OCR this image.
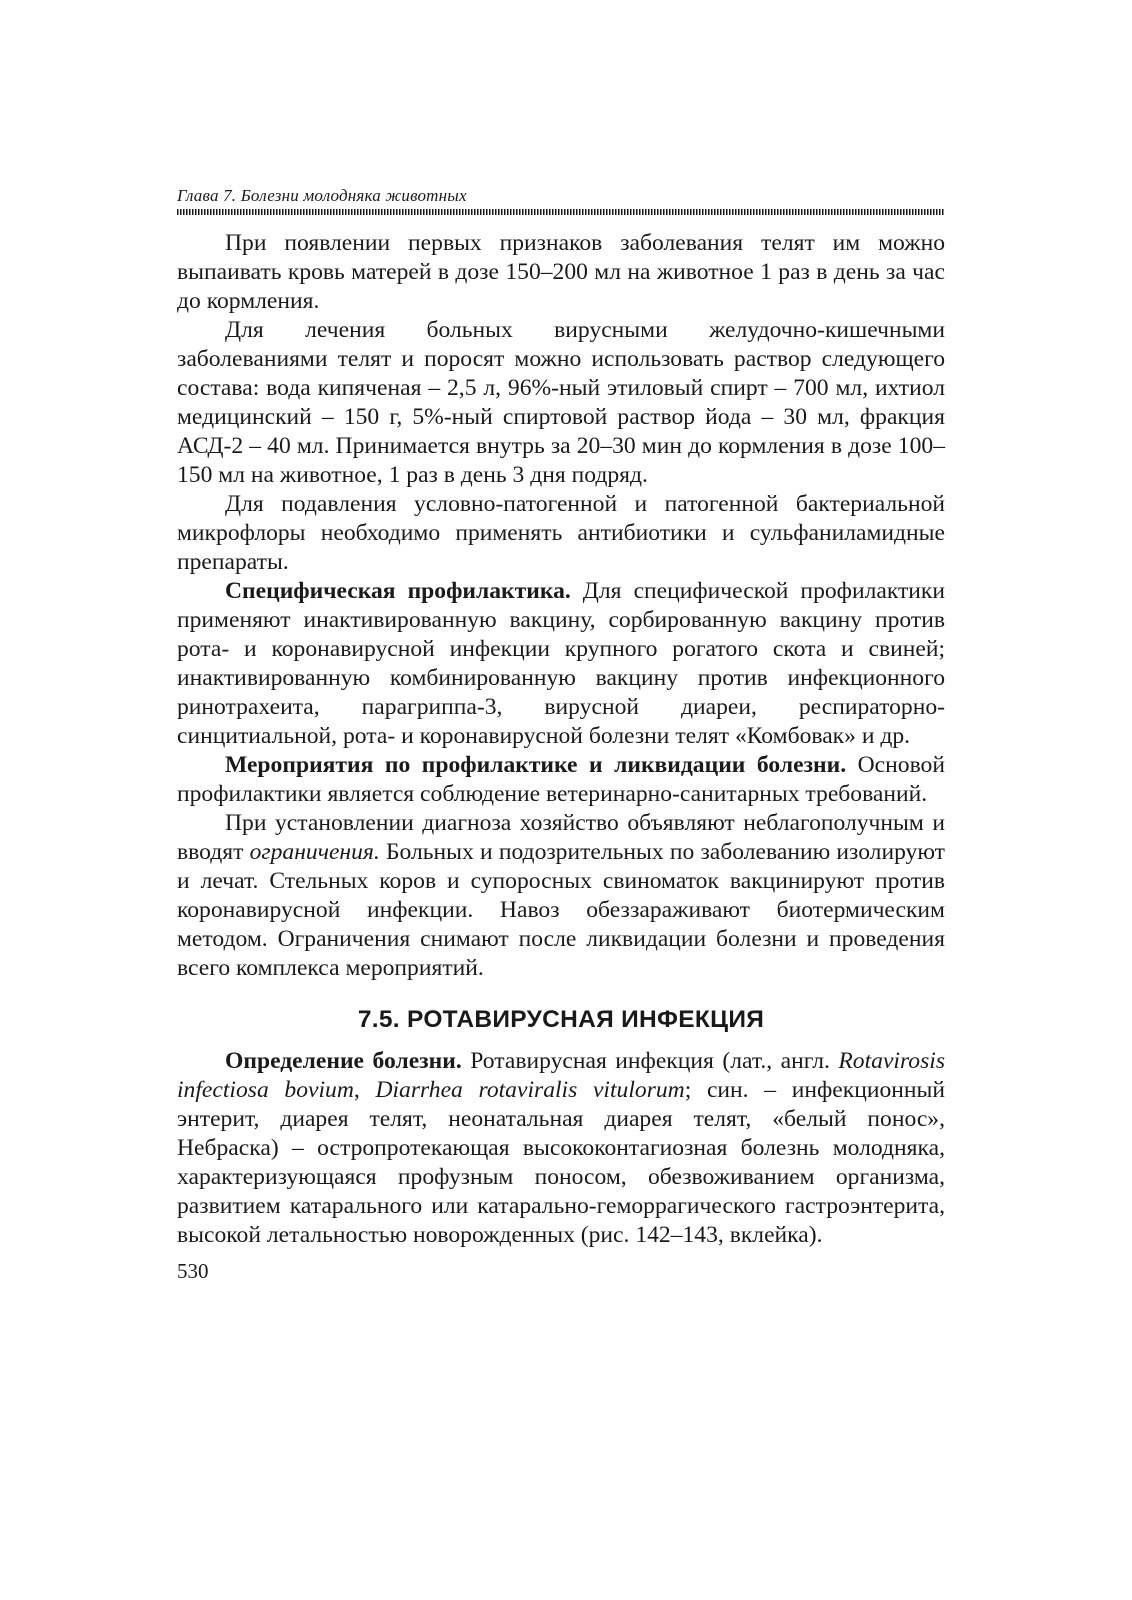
Глава 7. Болезни молодняка животных

При появлении первых признаков заболевания телят им можно выпаивать кровь матерей в дозе 150–200 мл на животное 1 раз в день за час до кормления.

Для лечения больных вирусными желудочно-кишечными заболеваниями телят и поросят можно использовать раствор следующего состава: вода кипяченая – 2,5 л, 96%-ный этиловый спирт – 700 мл, ихтиол медицинский – 150 г, 5%-ный спиртовой раствор йода – 30 мл, фракция АСД-2 – 40 мл. Принимается внутрь за 20–30 мин до кормления в дозе 100–150 мл на животное, 1 раз в день 3 дня подряд.

Для подавления условно-патогенной и патогенной бактериальной микрофлоры необходимо применять антибиотики и сульфаниламидные препараты.

Специфическая профилактика. Для специфической профилактики применяют инактивированную вакцину, сорбированную вакцину против рота- и коронавирусной инфекции крупного рогатого скота и свиней; инактивированную комбинированную вакцину против инфекционного ринотрахеита, парагриппа-3, вирусной диареи, респираторно-синцитиальной, рота- и коронавирусной болезни телят «Комбовак» и др.

Мероприятия по профилактике и ликвидации болезни. Основой профилактики является соблюдение ветеринарно-санитарных требований.

При установлении диагноза хозяйство объявляют неблагополучным и вводят ограничения. Больных и подозрительных по заболеванию изолируют и лечат. Стельных коров и супоросных свиноматок вакцинируют против коронавирусной инфекции. Навоз обеззараживают биотермическим методом. Ограничения снимают после ликвидации болезни и проведения всего комплекса мероприятий.

7.5. РОТАВИРУСНАЯ ИНФЕКЦИЯ

Определение болезни. Ротавирусная инфекция (лат., англ. Rotavirosis infectiosa bovium, Diarrhea rotaviralis vitulorum; син. – инфекционный энтерит, диарея телят, неонатальная диарея телят, «белый понос», Небраска) – остропротекающая высококонтагиозная болезнь молодняка, характеризующаяся профузным поносом, обезвоживанием организма, развитием катарального или катарально-геморрагического гастроэнтерита, высокой летальностью новорожденных (рис. 142–143, вклейка).

530
